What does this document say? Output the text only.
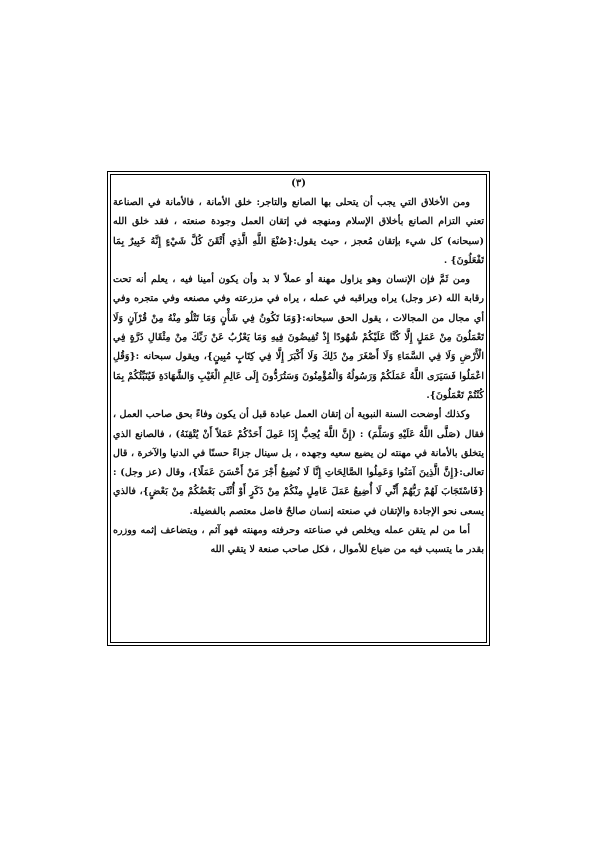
(٣)

ومن الأخلاق التي يجب أن يتحلى بها الصانع والتاجر: خلق الأمانة ، فالأمانة في الصناعة تعني التزام الصانع بأخلاق الإسلام ومنهجه في إتقان العمل وجودة صنعته ، فقد خلق الله (سبحانه) كل شيء بإتقان مُعجز ، حيث يقول:{صُنْعَ اللَّهِ الَّذِي أَتْقَنَ كُلَّ شَيْءٍ إِنَّهُ خَبِيرٌ بِمَا تَفْعَلُونَ} .

ومن ثَمَّ فإن الإنسان وهو يزاول مهنة أو عملاً لا بد وأن يكون أمينا فيه ، يعلم أنه تحت رقابة الله (عز وجل) يراه ويراقبه في عمله ، يراه في مزرعته وفي مصنعه وفي متجره وفي أي مجال من المجالات ، يقول الحق سبحانه:{وَمَا تَكُونُ فِي شَأْنٍ وَمَا تَتْلُو مِنْهُ مِنْ قُرْآنٍ وَلَا تَعْمَلُونَ مِنْ عَمَلٍ إِلَّا كُنَّا عَلَيْكُمْ شُهُودًا إِذْ تُفِيضُونَ فِيهِ وَمَا يَعْزُبُ عَنْ رَبِّكَ مِنْ مِثْقَالِ ذَرَّةٍ فِي الْأَرْضِ وَلَا فِي السَّمَاءِ وَلَا أَصْغَرَ مِنْ ذَلِكَ وَلَا أَكْبَرَ إِلَّا فِي كِتَابٍ مُبِينٍ}، ويقول سبحانه :{وَقُلِ اعْمَلُوا فَسَيَرَى اللَّهُ عَمَلَكُمْ وَرَسُولُهُ وَالْمُؤْمِنُونَ وَسَتُرَدُّونَ إِلَى عَالِمِ الْغَيْبِ وَالشَّهَادَةِ فَيُنَبِّئُكُمْ بِمَا كُنْتُمْ تَعْمَلُونَ}.

وكذلك أوضحت السنة النبوية أن إتقان العمل عبادة قبل أن يكون وفاءً بحق صاحب العمل ، فقال (صَلَّى اللَّهُ عَلَيْهِ وَسَلَّمَ) : (إِنَّ اللَّهَ يُحِبُّ إِذَا عَمِلَ أَحَدُكُمْ عَمَلاً أَنْ يُتْقِنَهُ) ، فالصانع الذي يتخلق بالأمانة في مهنته لن يضيع سعيه وجهده ، بل سينال جزاءً حسنًا في الدنيا والآخرة ، قال تعالى:{إِنَّ الَّذِينَ آمَنُوا وَعَمِلُوا الصَّالِحَاتِ إِنَّا لَا نُضِيعُ أَجْرَ مَنْ أَحْسَنَ عَمَلًا}، وقال (عز وجل) : {فَاسْتَجَابَ لَهُمْ رَبُّهُمْ أَنِّي لَا أُضِيعُ عَمَلَ عَامِلٍ مِنْكُمْ مِنْ ذَكَرٍ أَوْ أُنْثَى بَعْضُكُمْ مِنْ بَعْضٍ}، فالذي يسعى نحو الإجادة والإتقان في صنعته إنسان صالحٌ فاضل معتصم بالفضيلة.

أما من لم يتقن عمله ويخلص في صناعته وحرفته ومهنته فهو آثم ، ويتضاعف إثمه ووزره بقدر ما يتسبب فيه من ضياع للأموال ، فكل صاحب صنعة لا يتقي الله
